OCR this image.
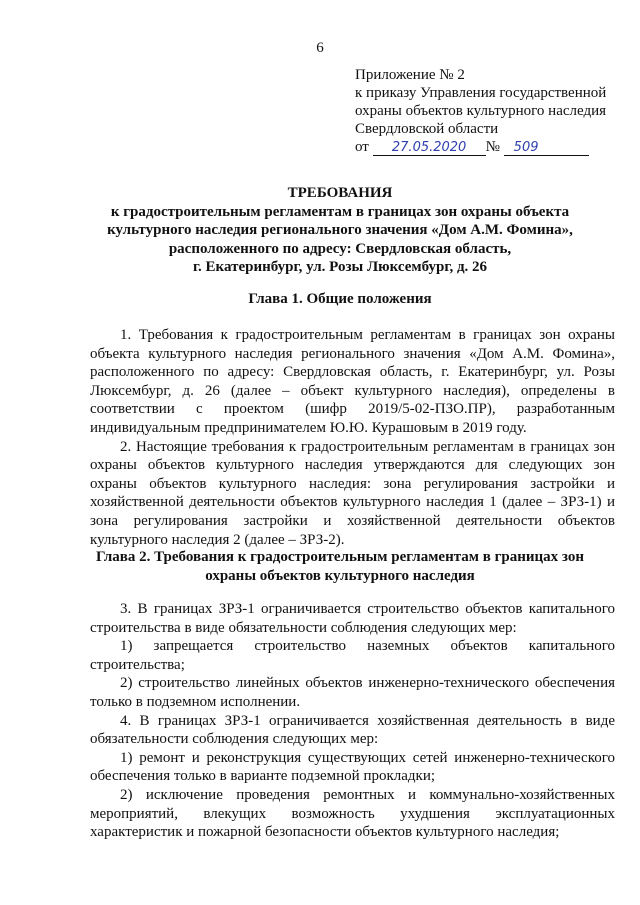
6
Приложение № 2
к приказу Управления государственной
охраны объектов культурного наследия
Свердловской области
от 27.05.2020 № 509
ТРЕБОВАНИЯ
к градостроительным регламентам в границах зон охраны объекта
культурного наследия регионального значения «Дом А.М. Фомина»,
расположенного по адресу: Свердловская область,
г. Екатеринбург, ул. Розы Люксембург, д. 26
Глава 1. Общие положения

1. Требования к градостроительным регламентам в границах зон охраны объекта культурного наследия регионального значения «Дом А.М. Фомина», расположенного по адресу: Свердловская область, г. Екатеринбург, ул. Розы Люксембург, д. 26 (далее – объект культурного наследия), определены в соответствии с проектом (шифр 2019/5-02-ПЗО.ПР), разработанным индивидуальным предпринимателем Ю.Ю. Курашовым в 2019 году.

2. Настоящие требования к градостроительным регламентам в границах зон охраны объектов культурного наследия утверждаются для следующих зон охраны объектов культурного наследия: зона регулирования застройки и хозяйственной деятельности объектов культурного наследия 1 (далее – ЗРЗ-1) и зона регулирования застройки и хозяйственной деятельности объектов культурного наследия 2 (далее – ЗРЗ-2).

Глава 2. Требования к градостроительным регламентам в границах зон
охраны объектов культурного наследия

3. В границах ЗРЗ-1 ограничивается строительство объектов капитального строительства в виде обязательности соблюдения следующих мер:

1) запрещается строительство наземных объектов капитального строительства;

2) строительство линейных объектов инженерно-технического обеспечения только в подземном исполнении.

4. В границах ЗРЗ-1 ограничивается хозяйственная деятельность в виде обязательности соблюдения следующих мер:

1) ремонт и реконструкция существующих сетей инженерно-технического обеспечения только в варианте подземной прокладки;

2) исключение проведения ремонтных и коммунально-хозяйственных мероприятий, влекущих возможность ухудшения эксплуатационных характеристик и пожарной безопасности объектов культурного наследия;
